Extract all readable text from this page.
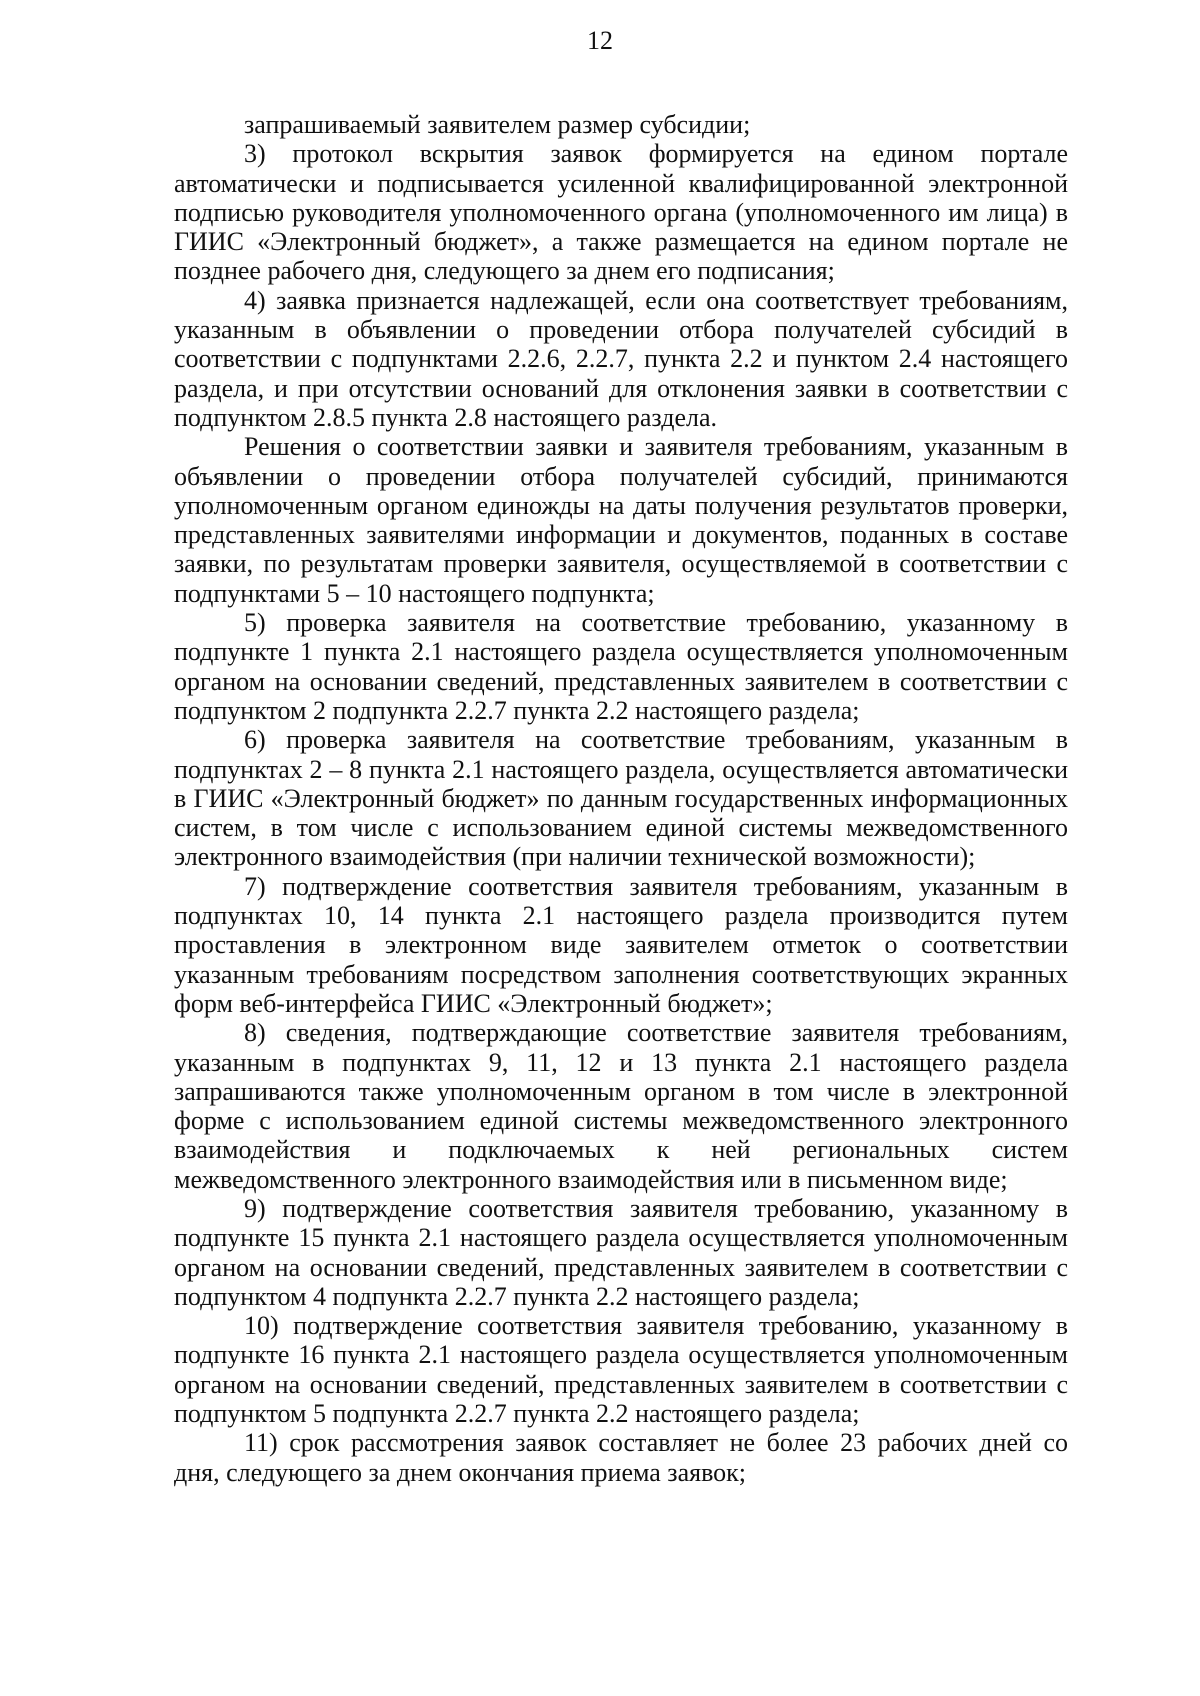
12

запрашиваемый заявителем размер субсидии;

3) протокол вскрытия заявок формируется на едином портале автоматически и подписывается усиленной квалифицированной электронной подписью руководителя уполномоченного органа (уполномоченного им лица) в ГИИС «Электронный бюджет», а также размещается на едином портале не позднее рабочего дня, следующего за днем его подписания;

4) заявка признается надлежащей, если она соответствует требованиям, указанным в объявлении о проведении отбора получателей субсидий в соответствии с подпунктами 2.2.6, 2.2.7, пункта 2.2 и пунктом 2.4 настоящего раздела, и при отсутствии оснований для отклонения заявки в соответствии с подпунктом 2.8.5 пункта 2.8 настоящего раздела.

Решения о соответствии заявки и заявителя требованиям, указанным в объявлении о проведении отбора получателей субсидий, принимаются уполномоченным органом единожды на даты получения результатов проверки, представленных заявителями информации и документов, поданных в составе заявки, по результатам проверки заявителя, осуществляемой в соответствии с подпунктами 5 – 10 настоящего подпункта;

5) проверка заявителя на соответствие требованию, указанному в подпункте 1 пункта 2.1 настоящего раздела осуществляется уполномоченным органом на основании сведений, представленных заявителем в соответствии с подпунктом 2 подпункта 2.2.7 пункта 2.2 настоящего раздела;

6) проверка заявителя на соответствие требованиям, указанным в подпунктах 2 – 8 пункта 2.1 настоящего раздела, осуществляется автоматически в ГИИС «Электронный бюджет» по данным государственных информационных систем, в том числе с использованием единой системы межведомственного электронного взаимодействия (при наличии технической возможности);

7) подтверждение соответствия заявителя требованиям, указанным в подпунктах 10, 14 пункта 2.1 настоящего раздела производится путем проставления в электронном виде заявителем отметок о соответствии указанным требованиям посредством заполнения соответствующих экранных форм веб-интерфейса ГИИС «Электронный бюджет»;

8) сведения, подтверждающие соответствие заявителя требованиям, указанным в подпунктах 9, 11, 12 и 13 пункта 2.1 настоящего раздела запрашиваются также уполномоченным органом в том числе в электронной форме с использованием единой системы межведомственного электронного взаимодействия и подключаемых к ней региональных систем межведомственного электронного взаимодействия или в письменном виде;

9) подтверждение соответствия заявителя требованию, указанному в подпункте 15 пункта 2.1 настоящего раздела осуществляется уполномоченным органом на основании сведений, представленных заявителем в соответствии с подпунктом 4 подпункта 2.2.7 пункта 2.2 настоящего раздела;

10) подтверждение соответствия заявителя требованию, указанному в подпункте 16 пункта 2.1 настоящего раздела осуществляется уполномоченным органом на основании сведений, представленных заявителем в соответствии с подпунктом 5 подпункта 2.2.7 пункта 2.2 настоящего раздела;

11) срок рассмотрения заявок составляет не более 23 рабочих дней со дня, следующего за днем окончания приема заявок;
